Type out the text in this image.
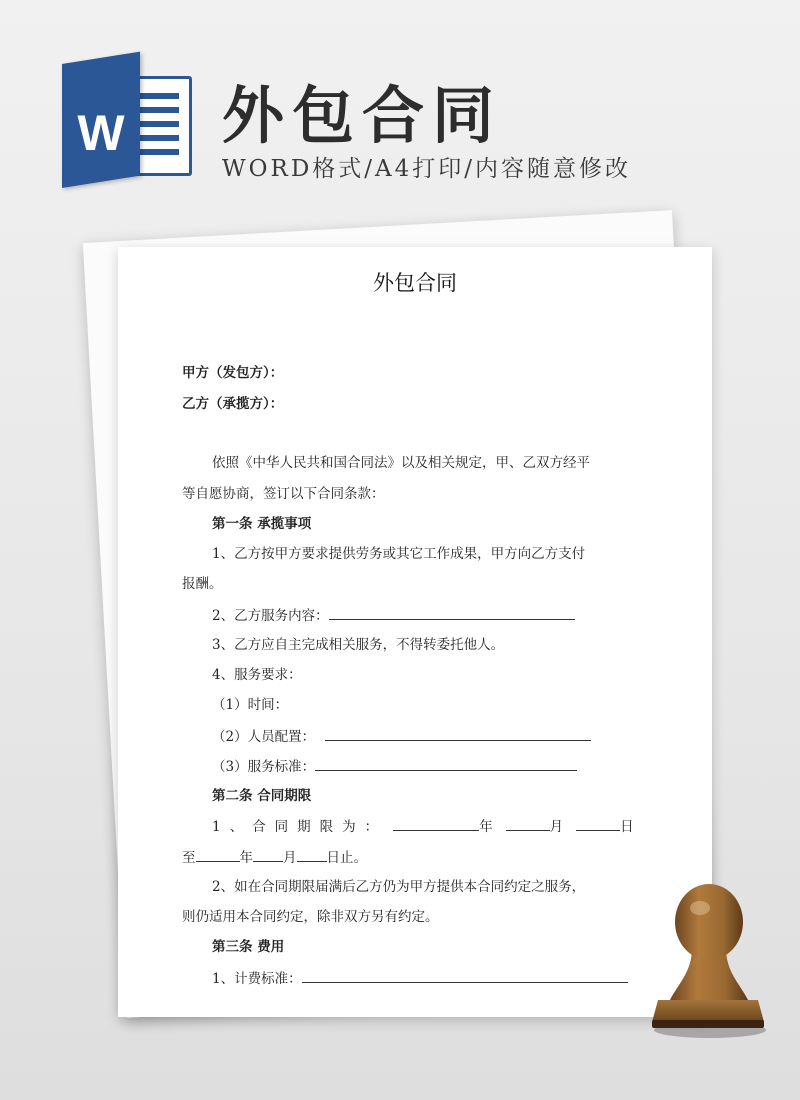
W 外包合同
WORD格式/A4打印/内容随意修改
外包合同
甲方（发包方）：
乙方（承揽方）：
依照《中华人民共和国合同法》以及相关规定，甲、乙双方经平
等自愿协商，签订以下合同条款：
第一条 承揽事项
1、乙方按甲方要求提供劳务或其它工作成果，甲方向乙方支付
报酬。
2、乙方服务内容：
3、乙方应自主完成相关服务，不得转委托他人。
4、服务要求：
（1）时间：
（2）人员配置：
（3）服务标准：
第二条 合同期限
1、合同期限为：	年	月	日
至	年 月 日止。
2、如在合同期限届满后乙方仍为甲方提供本合同约定之服务，
则仍适用本合同约定，除非双方另有约定。
第三条 费用
1、计费标准：
